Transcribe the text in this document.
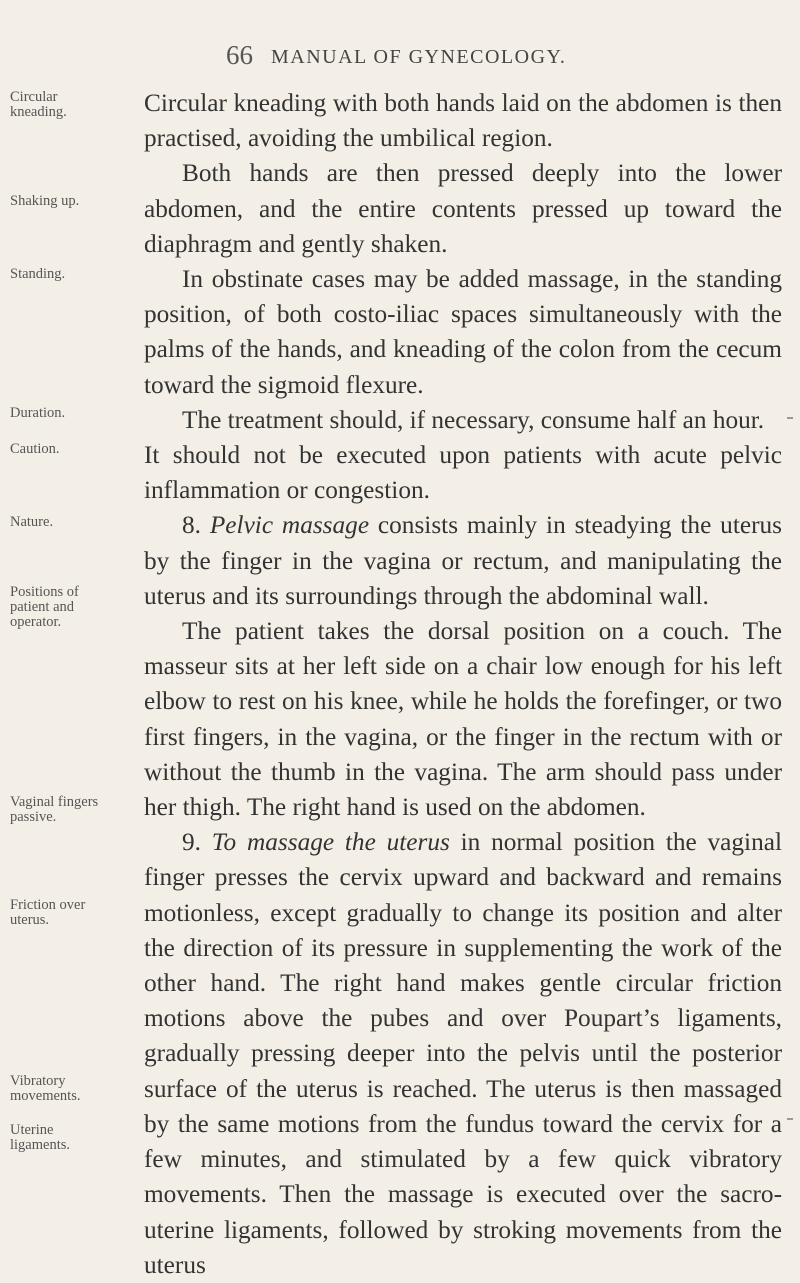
66 MANUAL OF GYNECOLOGY.
Circular kneading.
Shaking up.
Standing.
Duration.
Caution.
Nature.
Positions of patient and operator.
Vaginal fingers passive.
Friction over uterus.
Vibratory movements.
Uterine ligaments.

Circular kneading with both hands laid on the abdomen is then practised, avoiding the umbilical region.

Both hands are then pressed deeply into the lower abdomen, and the entire contents pressed up toward the diaphragm and gently shaken.

In obstinate cases may be added massage, in the standing position, of both costo-iliac spaces simultaneously with the palms of the hands, and kneading of the colon from the cecum toward the sigmoid flexure.

The treatment should, if necessary, consume half an hour.

It should not be executed upon patients with acute pelvic inflammation or congestion.

8. Pelvic massage consists mainly in steadying the uterus by the finger in the vagina or rectum, and manipulating the uterus and its surroundings through the abdominal wall.

The patient takes the dorsal position on a couch. The masseur sits at her left side on a chair low enough for his left elbow to rest on his knee, while he holds the forefinger, or two first fingers, in the vagina, or the finger in the rectum with or without the thumb in the vagina. The arm should pass under her thigh. The right hand is used on the abdomen.

9. To massage the uterus in normal position the vaginal finger presses the cervix upward and backward and remains motionless, except gradually to change its position and alter the direction of its pressure in supplementing the work of the other hand. The right hand makes gentle circular friction motions above the pubes and over Poupart’s ligaments, gradually pressing deeper into the pelvis until the posterior surface of the uterus is reached. The uterus is then massaged by the same motions from the fundus toward the cervix for a few minutes, and stimulated by a few quick vibratory movements. Then the massage is executed over the sacro-uterine ligaments, followed by stroking movements from the uterus
